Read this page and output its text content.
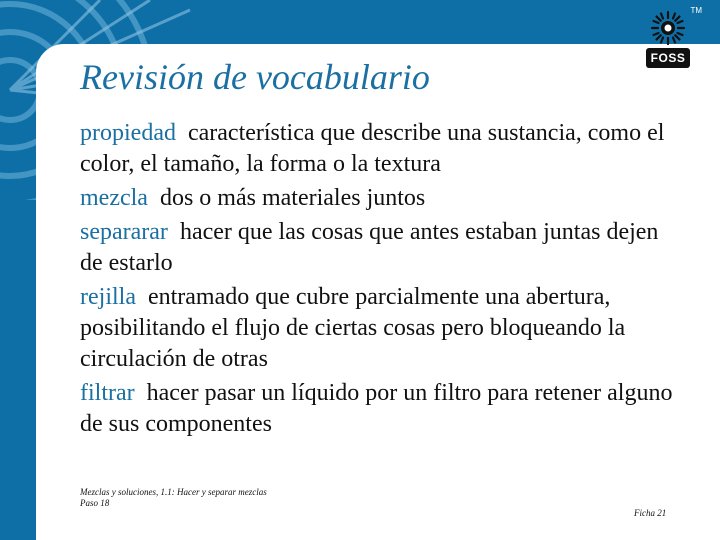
TM
FOSS
Revisión de vocabulario

propiedad característica que describe una sustancia, como el color, el tamaño, la forma o la textura

mezcla dos o más materiales juntos

separarar hacer que las cosas que antes estaban juntas dejen de estarlo

rejilla entramado que cubre parcialmente una abertura, posibilitando el flujo de ciertas cosas pero bloqueando la circulación de otras

filtrar hacer pasar un líquido por un filtro para retener alguno de sus componentes

Mezclas y soluciones, 1.1: Hacer y separar mezclas
Paso 18
Ficha 21
